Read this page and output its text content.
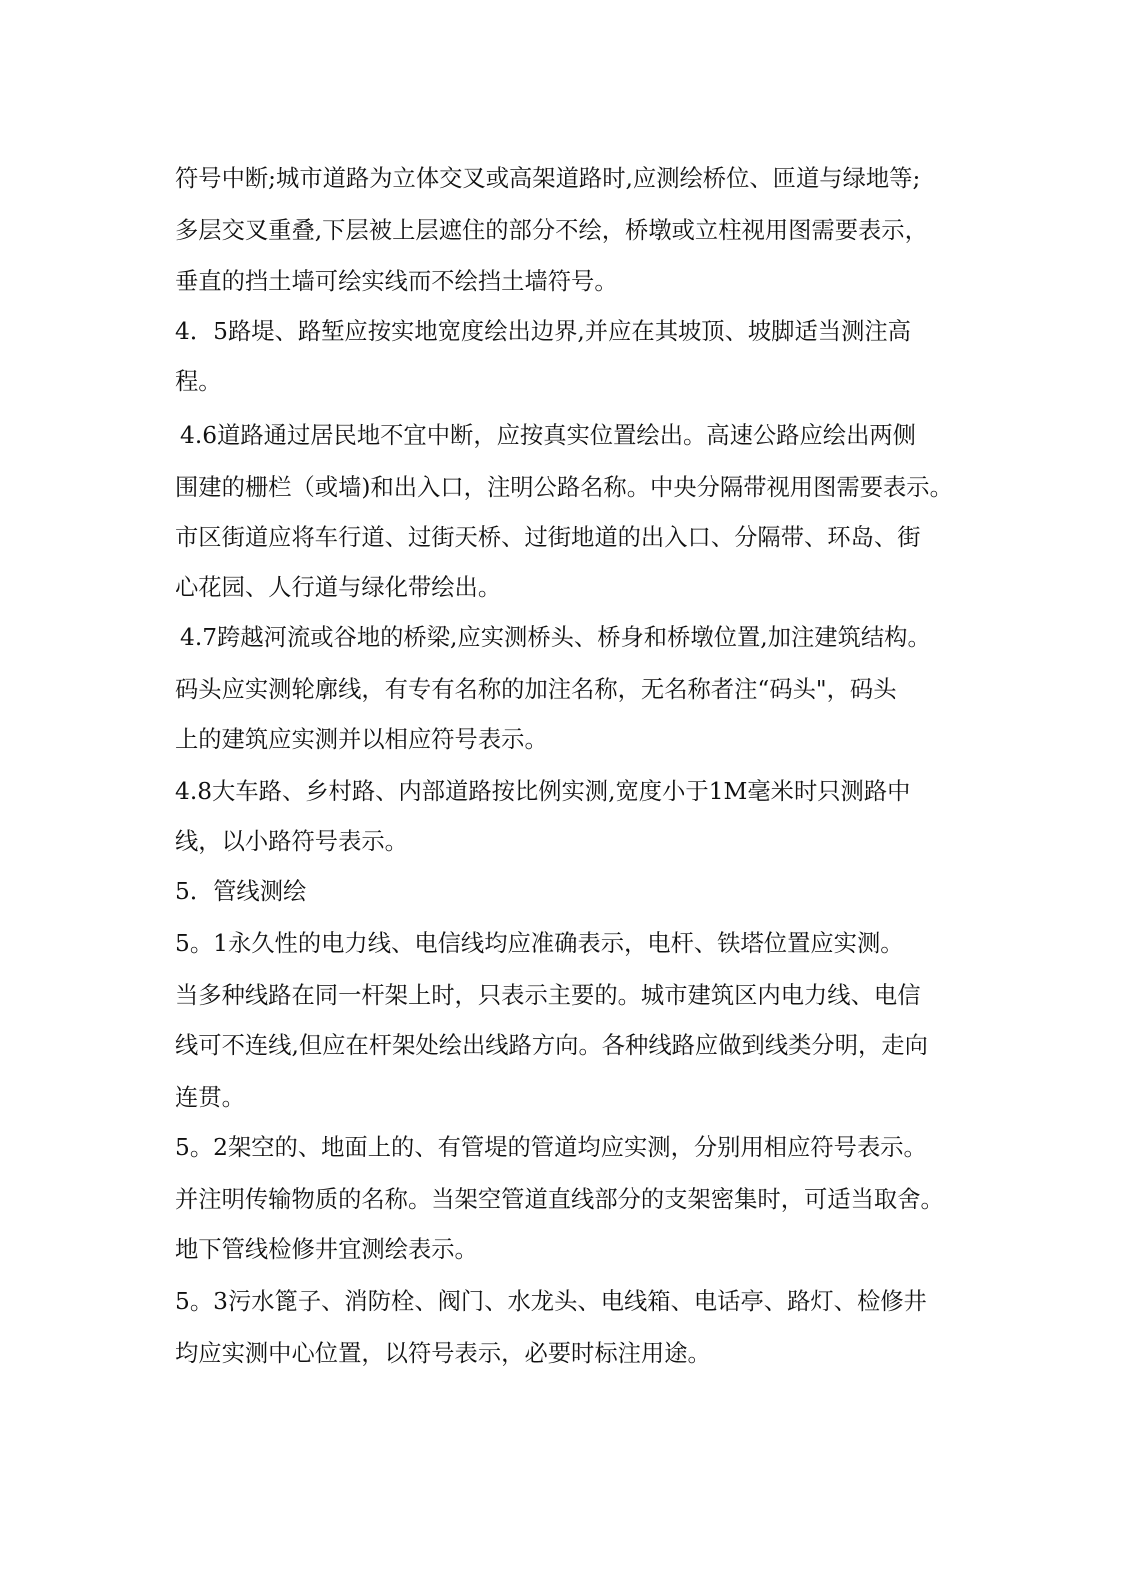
符号中断;城市道路为立体交叉或高架道路时,应测绘桥位、匝道与绿地等;
多层交叉重叠,下层被上层遮住的部分不绘，桥墩或立柱视用图需要表示，
垂直的挡土墙可绘实线而不绘挡土墙符号。
4．5路堤、路堑应按实地宽度绘出边界,并应在其坡顶、坡脚适当测注高
程。
4.6道路通过居民地不宜中断，应按真实位置绘出。高速公路应绘出两侧
围建的栅栏（或墙)和出入口，注明公路名称。中央分隔带视用图需要表示。
市区街道应将车行道、过街天桥、过街地道的出入口、分隔带、环岛、街
心花园、人行道与绿化带绘出。
4.7跨越河流或谷地的桥梁,应实测桥头、桥身和桥墩位置,加注建筑结构。
码头应实测轮廓线，有专有名称的加注名称，无名称者注“码头"，码头
上的建筑应实测并以相应符号表示。
4.8大车路、乡村路、内部道路按比例实测,宽度小于1M毫米时只测路中
线，以小路符号表示。
5．管线测绘
5。1永久性的电力线、电信线均应准确表示，电杆、铁塔位置应实测。
当多种线路在同一杆架上时，只表示主要的。城市建筑区内电力线、电信
线可不连线,但应在杆架处绘出线路方向。各种线路应做到线类分明，走向
连贯。
5。2架空的、地面上的、有管堤的管道均应实测，分别用相应符号表示。
并注明传输物质的名称。当架空管道直线部分的支架密集时，可适当取舍。
地下管线检修井宜测绘表示。
5。3污水篦子、消防栓、阀门、水龙头、电线箱、电话亭、路灯、检修井
均应实测中心位置，以符号表示，必要时标注用途。
